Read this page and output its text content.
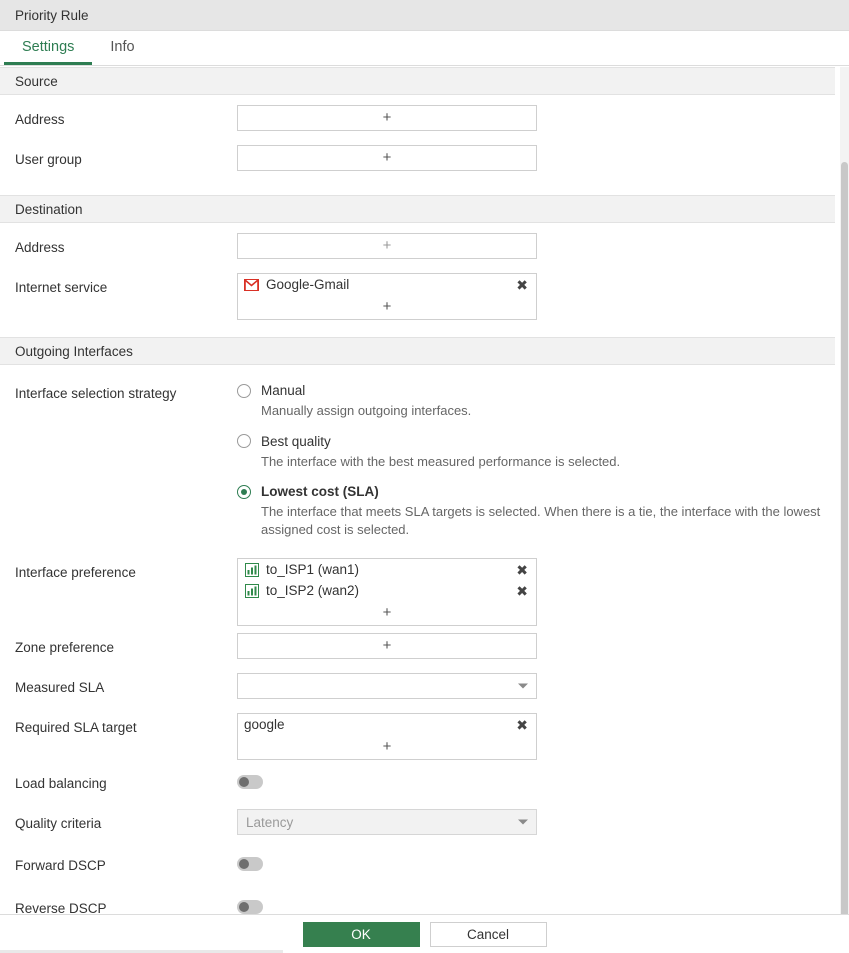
Priority Rule
Settings Info
Source
Address	+
User group	+
Destination
Address	+
Internet service	Google-Gmail	✖
+
Outgoing Interfaces
Interface selection strategy	Manual
Manually assign outgoing interfaces.
Best quality
The interface with the best measured performance is selected.
Lowest cost (SLA)
The interface that meets SLA targets is selected. When there is a tie, the interface with the lowest assigned cost is selected.
Interface preference	to_ISP1 (wan1)	✖
to_ISP2 (wan2)	✖
+
Zone preference	+
Measured SLA
Required SLA target	google	✖
+
Load balancing
Quality criteria	Latency
Forward DSCP
Reverse DSCP
OK	Cancel
